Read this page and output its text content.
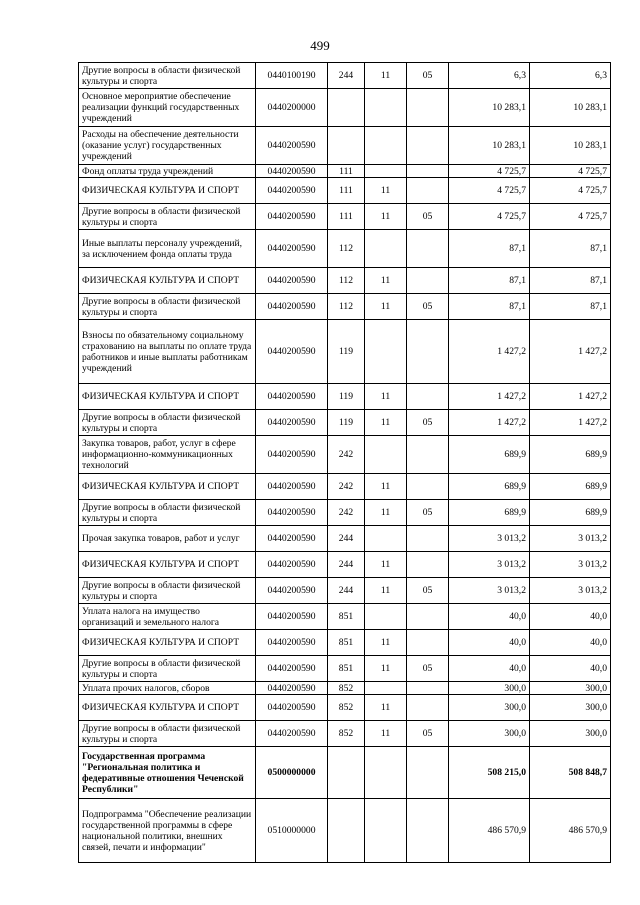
499
Другие вопросы в области физической культуры и спорта	0440100190	244	11	05	6,3	6,3
Основное мероприятие обеспечение реализации функций государственных учреждений	0440200000				10 283,1	10 283,1
Расходы на обеспечение деятельности (оказание услуг) государственных учреждений	0440200590				10 283,1	10 283,1
Фонд оплаты труда учреждений	0440200590	111			4 725,7	4 725,7
ФИЗИЧЕСКАЯ КУЛЬТУРА И СПОРТ	0440200590	111	11		4 725,7	4 725,7
Другие вопросы в области физической культуры и спорта	0440200590	111	11	05	4 725,7	4 725,7
Иные выплаты персоналу учреждений, за исключением фонда оплаты труда	0440200590	112			87,1	87,1
ФИЗИЧЕСКАЯ КУЛЬТУРА И СПОРТ	0440200590	112	11		87,1	87,1
Другие вопросы в области физической культуры и спорта	0440200590	112	11	05	87,1	87,1
Взносы по обязательному социальному страхованию на выплаты по оплате труда работников и иные выплаты работникам учреждений	0440200590	119			1 427,2	1 427,2
ФИЗИЧЕСКАЯ КУЛЬТУРА И СПОРТ	0440200590	119	11		1 427,2	1 427,2
Другие вопросы в области физической культуры и спорта	0440200590	119	11	05	1 427,2	1 427,2
Закупка товаров, работ, услуг в сфере информационно-коммуникационных технологий	0440200590	242			689,9	689,9
ФИЗИЧЕСКАЯ КУЛЬТУРА И СПОРТ	0440200590	242	11		689,9	689,9
Другие вопросы в области физической культуры и спорта	0440200590	242	11	05	689,9	689,9
Прочая закупка товаров, работ и услуг	0440200590	244			3 013,2	3 013,2
ФИЗИЧЕСКАЯ КУЛЬТУРА И СПОРТ	0440200590	244	11		3 013,2	3 013,2
Другие вопросы в области физической культуры и спорта	0440200590	244	11	05	3 013,2	3 013,2
Уплата налога на имущество организаций и земельного налога	0440200590	851			40,0	40,0
ФИЗИЧЕСКАЯ КУЛЬТУРА И СПОРТ	0440200590	851	11		40,0	40,0
Другие вопросы в области физической культуры и спорта	0440200590	851	11	05	40,0	40,0
Уплата прочих налогов, сборов	0440200590	852			300,0	300,0
ФИЗИЧЕСКАЯ КУЛЬТУРА И СПОРТ	0440200590	852	11		300,0	300,0
Другие вопросы в области физической культуры и спорта	0440200590	852	11	05	300,0	300,0
Государственная программа "Региональная политика и федеративные отношения Чеченской Республики"	0500000000				508 215,0	508 848,7
Подпрограмма "Обеспечение реализации государственной программы в сфере национальной политики, внешних связей, печати и информации"	0510000000				486 570,9	486 570,9
